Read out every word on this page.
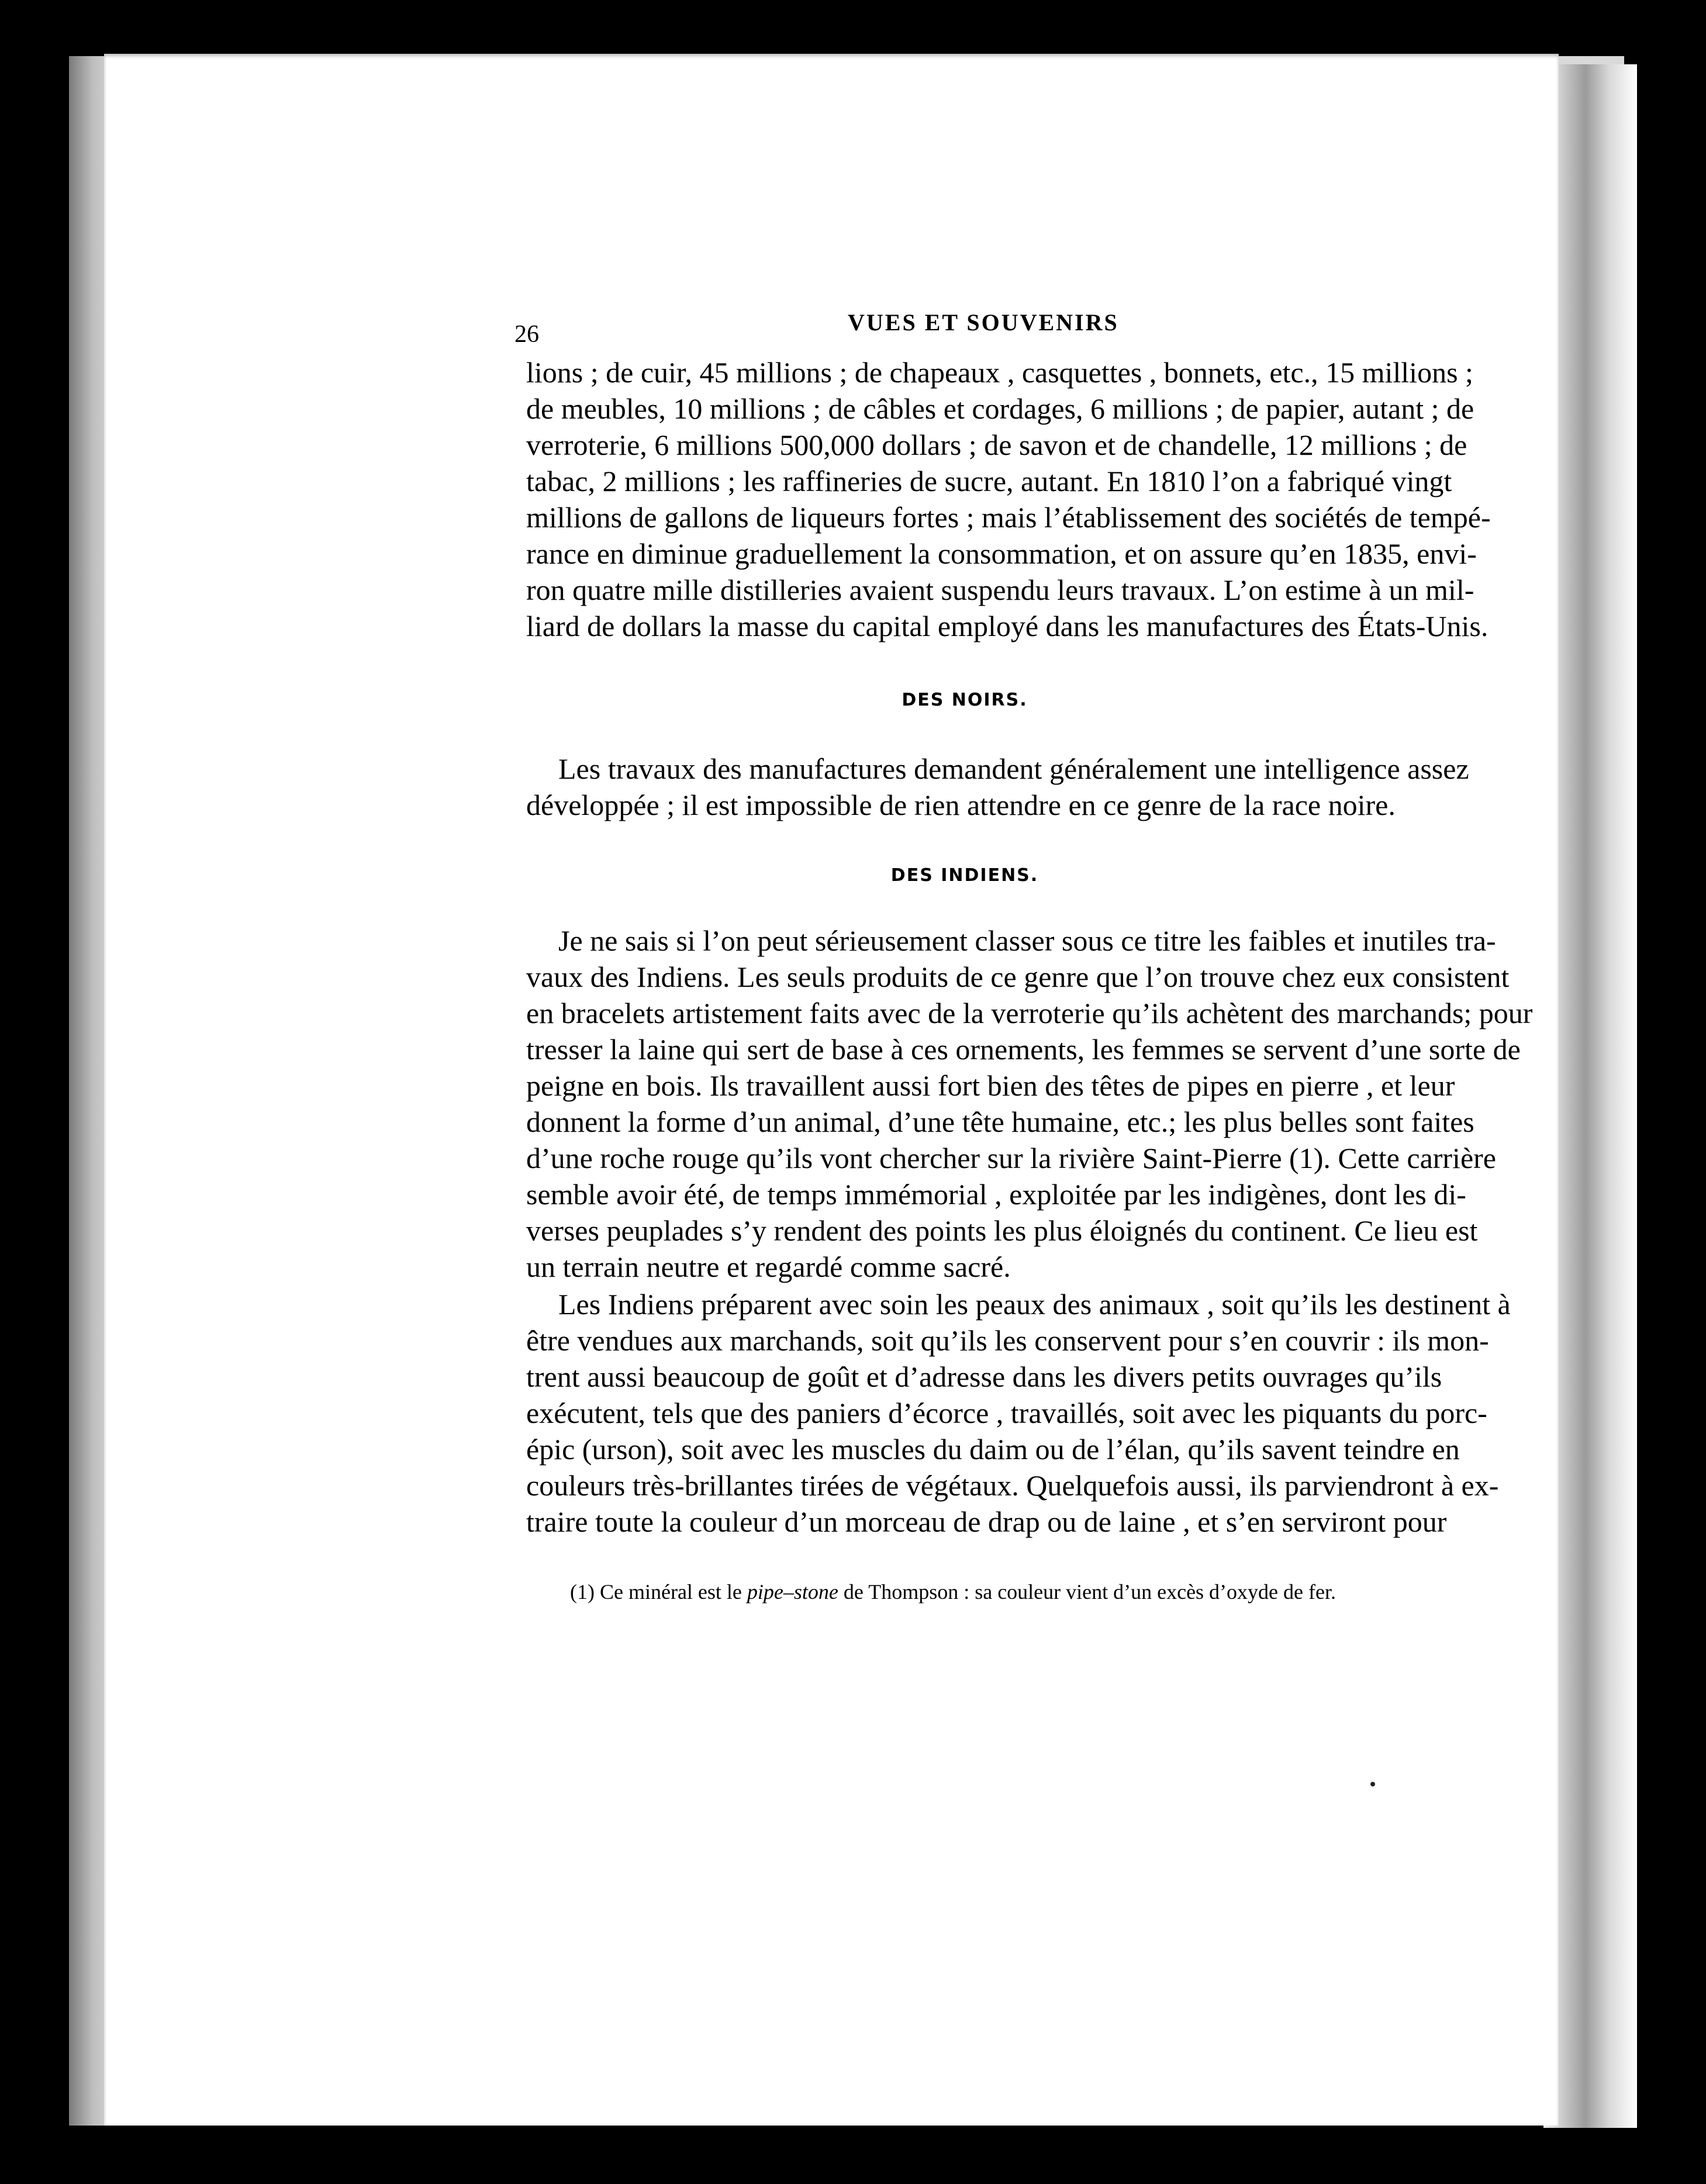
26	VUES ET SOUVENIRS
lions ; de cuir, 45 millions ; de chapeaux , casquettes , bonnets, etc., 15 millions ;
de meubles, 10 millions ; de câbles et cordages, 6 millions ; de papier, autant ; de
verroterie, 6 millions 500,000 dollars ; de savon et de chandelle, 12 millions ; de
tabac, 2 millions ; les raffineries de sucre, autant. En 1810 l’on a fabriqué vingt
millions de gallons de liqueurs fortes ; mais l’établissement des sociétés de tempé-
rance en diminue graduellement la consommation, et on assure qu’en 1835, envi-
ron quatre mille distilleries avaient suspendu leurs travaux. L’on estime à un mil-
liard de dollars la masse du capital employé dans les manufactures des États-Unis.
DES NOIRS.
Les travaux des manufactures demandent généralement une intelligence assez
développée ; il est impossible de rien attendre en ce genre de la race noire.
DES INDIENS.
Je ne sais si l’on peut sérieusement classer sous ce titre les faibles et inutiles tra-
vaux des Indiens. Les seuls produits de ce genre que l’on trouve chez eux consistent
en bracelets artistement faits avec de la verroterie qu’ils achètent des marchands; pour
tresser la laine qui sert de base à ces ornements, les femmes se servent d’une sorte de
peigne en bois. Ils travaillent aussi fort bien des têtes de pipes en pierre , et leur
donnent la forme d’un animal, d’une tête humaine, etc.; les plus belles sont faites
d’une roche rouge qu’ils vont chercher sur la rivière Saint-Pierre (1). Cette carrière
semble avoir été, de temps immémorial , exploitée par les indigènes, dont les di-
verses peuplades s’y rendent des points les plus éloignés du continent. Ce lieu est
un terrain neutre et regardé comme sacré.
Les Indiens préparent avec soin les peaux des animaux , soit qu’ils les destinent à
être vendues aux marchands, soit qu’ils les conservent pour s’en couvrir : ils mon-
trent aussi beaucoup de goût et d’adresse dans les divers petits ouvrages qu’ils
exécutent, tels que des paniers d’écorce , travaillés, soit avec les piquants du porc-
épic (urson), soit avec les muscles du daim ou de l’élan, qu’ils savent teindre en
couleurs très-brillantes tirées de végétaux. Quelquefois aussi, ils parviendront à ex-
traire toute la couleur d’un morceau de drap ou de laine , et s’en serviront pour
(1) Ce minéral est le pipe–stone de Thompson : sa couleur vient d’un excès d’oxyde de fer.
